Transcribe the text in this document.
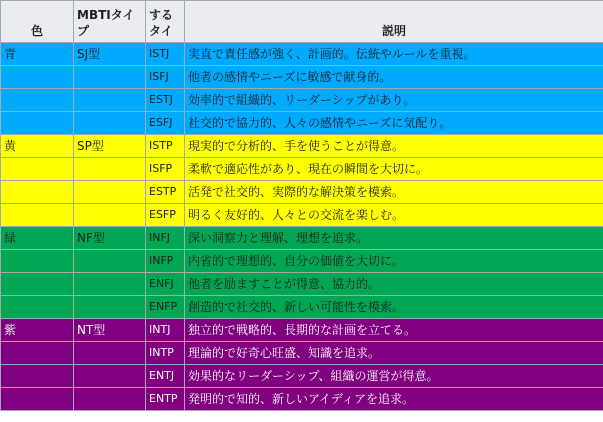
色	MBTIタイプ	するタイ	説明
青	SJ型	ISTJ	実直で責任感が強く、計画的。伝統やルールを重視。
		ISFJ	他者の感情やニーズに敏感で献身的。
		ESTJ	効率的で組織的、リーダーシップがあり。
		ESFJ	社交的で協力的、人々の感情やニーズに気配り。
黄	SP型	ISTP	現実的で分析的、手を使うことが得意。
		ISFP	柔軟で適応性があり、現在の瞬間を大切に。
		ESTP	活発で社交的、実際的な解決策を模索。
		ESFP	明るく友好的、人々との交流を楽しむ。
緑	NF型	INFJ	深い洞察力と理解、理想を追求。
		INFP	内省的で理想的、自分の価値を大切に。
		ENFJ	他者を励ますことが得意、協力的。
		ENFP	創造的で社交的、新しい可能性を模索。
紫	NT型	INTJ	独立的で戦略的、長期的な計画を立てる。
		INTP	理論的で好奇心旺盛、知識を追求。
		ENTJ	効果的なリーダーシップ、組織の運営が得意。
		ENTP	発明的で知的、新しいアイディアを追求。
